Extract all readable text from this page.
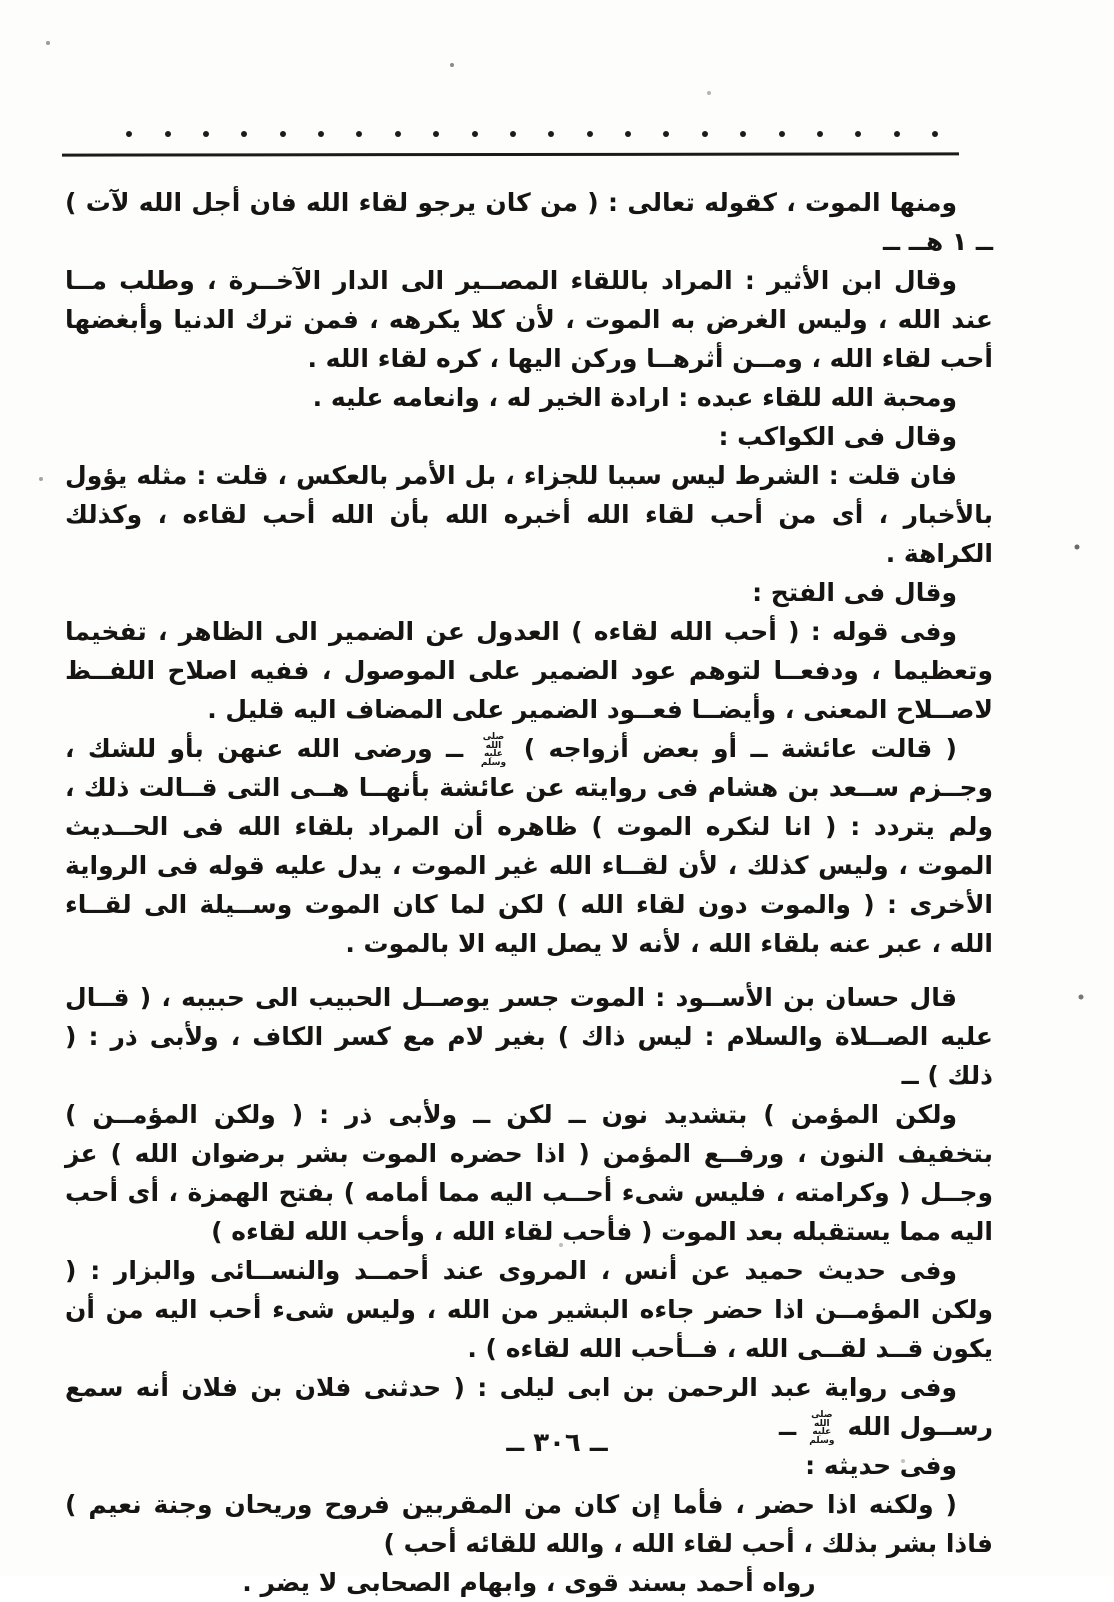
ومنها الموت ، كقوله تعالى : ( من كان يرجو لقاء الله فان أجل الله لآت ) ــ ١ هــ ــ

وقال ابن الأثير : المراد باللقاء المصــير الى الدار الآخــرة ، وطلب مــا عند الله ، وليس الغرض به الموت ، لأن كلا يكرهه ، فمن ترك الدنيا وأبغضها أحب لقاء الله ، ومــن أثرهــا وركن اليها ، كره لقاء الله .

ومحبة الله للقاء عبده : ارادة الخير له ، وانعامه عليه .

وقال فى الكواكب :

فان قلت : الشرط ليس سببا للجزاء ، بل الأمر بالعكس ، قلت : مثله يؤول بالأخبار ، أى من أحب لقاء الله أخبره الله بأن الله أحب لقاءه ، وكذلك الكراهة .

وقال فى الفتح :

وفى قوله : ( أحب الله لقاءه ) العدول عن الضمير الى الظاهر ، تفخيما وتعظيما ، ودفعــا لتوهم عود الضمير على الموصول ، ففيه اصلاح اللفــظ لاصــلاح المعنى ، وأيضــا فعــود الضمير على المضاف اليه قليل .

( قالت عائشة ــ أو بعض أزواجه ) صلى الله عليه وسلم ــ ورضى الله عنهن بأو للشك ، وجــزم ســعد بن هشام فى روايته عن عائشة بأنهــا هــى التى قــالت ذلك ، ولم يتردد : ( انا لنكره الموت ) ظاهره أن المراد بلقاء الله فى الحــديث الموت ، وليس كذلك ، لأن لقــاء الله غير الموت ، يدل عليه قوله فى الرواية الأخرى : ( والموت دون لقاء الله ) لكن لما كان الموت وســيلة الى لقــاء الله ، عبر عنه بلقاء الله ، لأنه لا يصل اليه الا بالموت .

قال حسان بن الأســود : الموت جسر يوصــل الحبيب الى حبيبه ، ( قــال عليه الصــلاة والسلام : ليس ذاك ) بغير لام مع كسر الكاف ، ولأبى ذر : ( ذلك ) ــ

ولكن المؤمن ) بتشديد نون ــ لكن ــ ولأبى ذر : ( ولكن المؤمــن ) بتخفيف النون ، ورفــع المؤمن ( اذا حضره الموت بشر برضوان الله ) عز وجــل ( وكرامته ، فليس شىء أحــب اليه مما أمامه ) بفتح الهمزة ، أى أحب اليه مما يستقبله بعد الموت ( فأحب لقاء الله ، وأحب الله لقاءه )

وفى حديث حميد عن أنس ، المروى عند أحمــد والنســائى والبزار : ( ولكن المؤمــن اذا حضر جاءه البشير من الله ، وليس شىء أحب اليه من أن يكون قــد لقــى الله ، فــأحب الله لقاءه ) .

وفى رواية عبد الرحمن بن ابى ليلى : ( حدثنى فلان بن فلان أنه سمع رســول الله صلى الله عليه وسلم ــ

وفى حديثه :

( ولكنه اذا حضر ، فأما إن كان من المقربين فروح وريحان وجنة نعيم ) فاذا بشر بذلك ، أحب لقاء الله ، والله للقائه أحب )

رواه أحمد بسند قوى ، وابهام الصحابى لا يضر .

ــ ٣٠٦ ــ
